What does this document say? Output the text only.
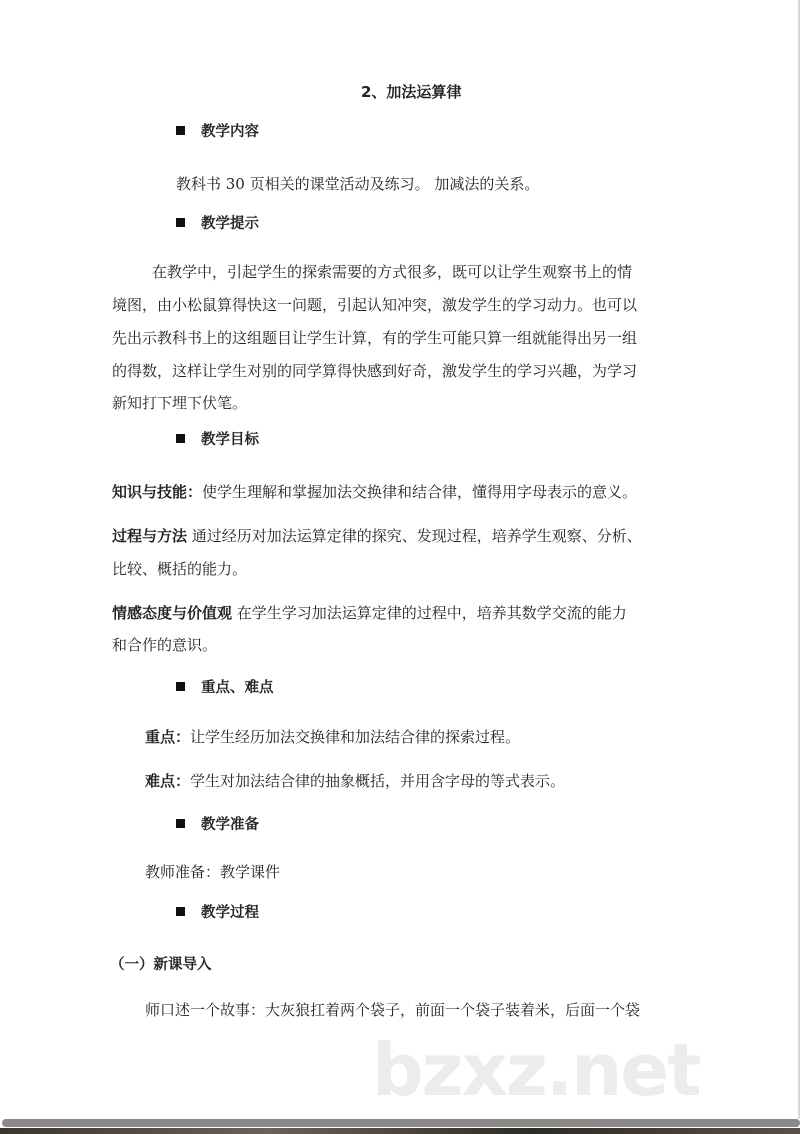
bzxz.net
2、加法运算律
教学内容
教科书 30 页相关的课堂活动及练习。 加减法的关系。
教学提示
在教学中，引起学生的探索需要的方式很多，既可以让学生观察书上的情
境图，由小松鼠算得快这一问题，引起认知冲突，激发学生的学习动力。也可以
先出示教科书上的这组题目让学生计算，有的学生可能只算一组就能得出另一组
的得数，这样让学生对别的同学算得快感到好奇，激发学生的学习兴趣，为学习
新知打下埋下伏笔。
教学目标
知识与技能：使学生理解和掌握加法交换律和结合律，懂得用字母表示的意义。
过程与方法 通过经历对加法运算定律的探究、发现过程，培养学生观察、分析、
比较、概括的能力。
情感态度与价值观 在学生学习加法运算定律的过程中，培养其数学交流的能力
和合作的意识。
重点、难点
重点：让学生经历加法交换律和加法结合律的探索过程。
难点：学生对加法结合律的抽象概括，并用含字母的等式表示。
教学准备
教师准备：教学课件
教学过程
（一）新课导入
师口述一个故事：大灰狼扛着两个袋子，前面一个袋子装着米，后面一个袋
